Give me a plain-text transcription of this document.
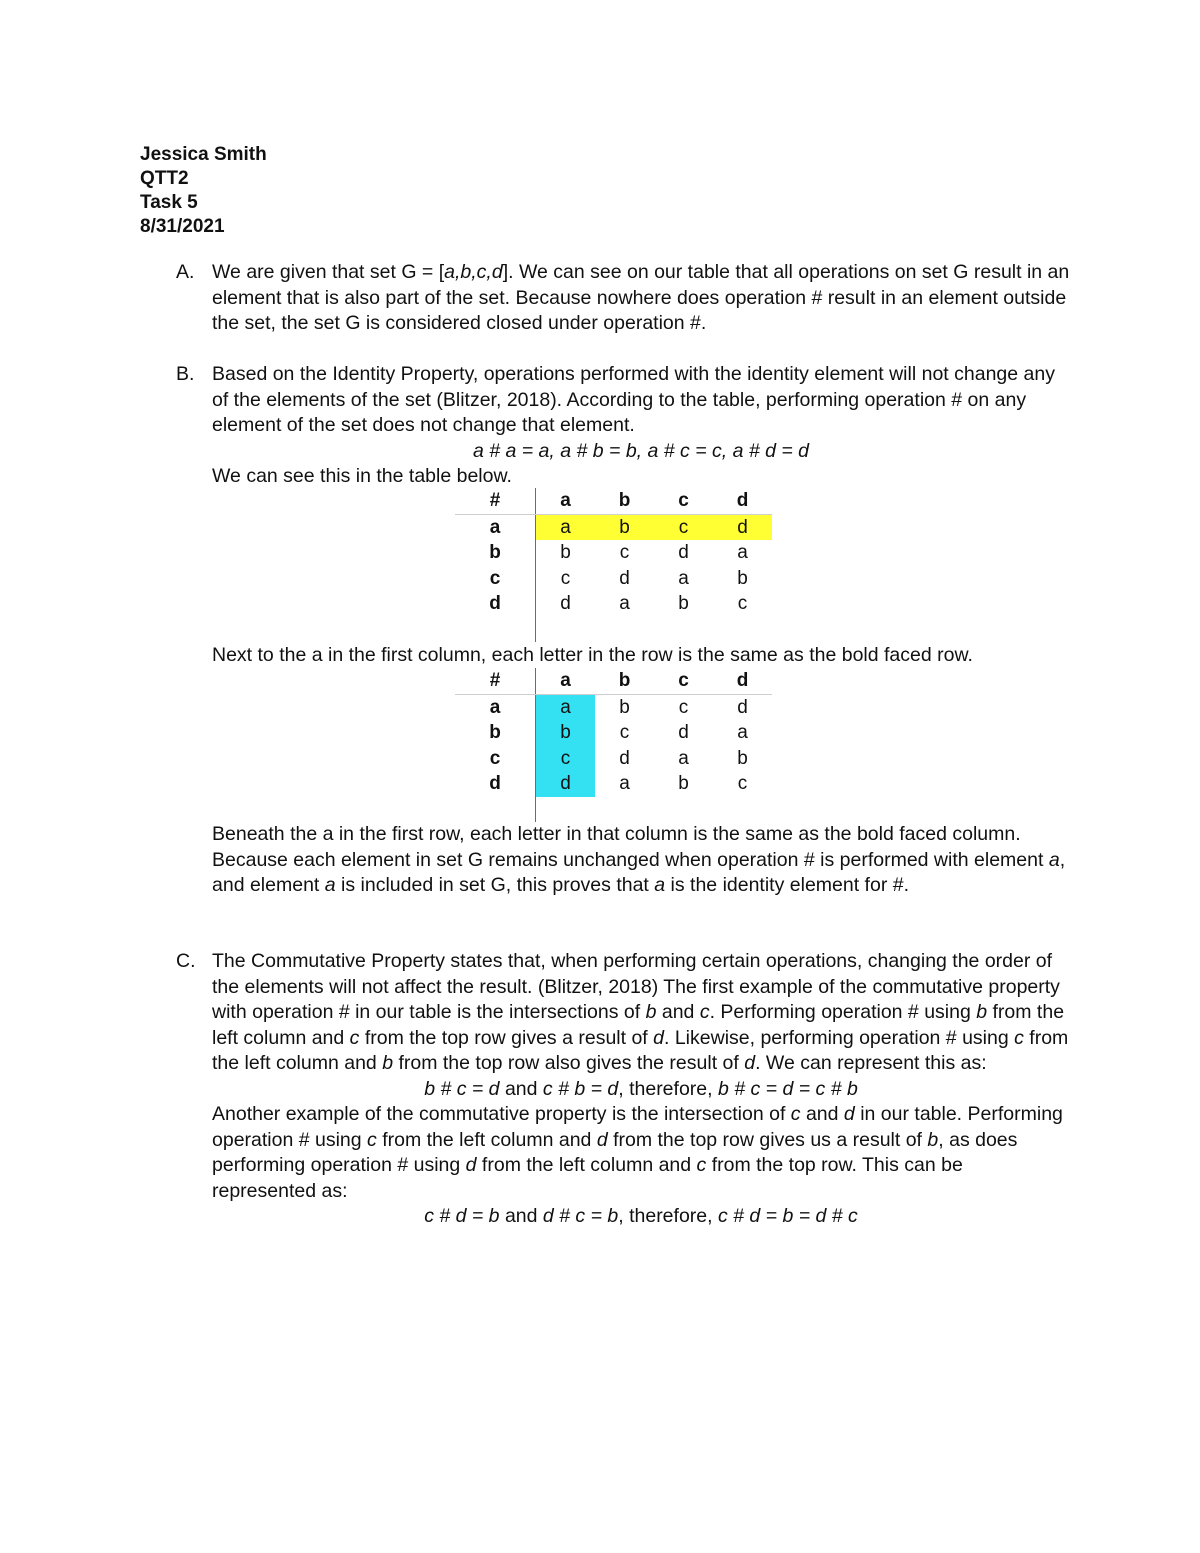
Jessica Smith
QTT2
Task 5
8/31/2021
A. We are given that set G = [a,b,c,d]. We can see on our table that all operations on set G result in an element that is also part of the set. Because nowhere does operation # result in an element outside the set, the set G is considered closed under operation #.
B. Based on the Identity Property, operations performed with the identity element will not change any of the elements of the set (Blitzer, 2018). According to the table, performing operation # on any element of the set does not change that element.
a # a = a, a # b = b, a # c = c, a # d = d
We can see this in the table below.
#	a	b	c	d
a	a	b	c	d
b	b	c	d	a
c	c	d	a	b
d	d	a	b	c

Next to the a in the first column, each letter in the row is the same as the bold faced row.
#	a	b	c	d
a	a	b	c	d
b	b	c	d	a
c	c	d	a	b
d	d	a	b	c

Beneath the a in the first row, each letter in that column is the same as the bold faced column.
Because each element in set G remains unchanged when operation # is performed with element a, and element a is included in set G, this proves that a is the identity element for #.
C. The Commutative Property states that, when performing certain operations, changing the order of the elements will not affect the result. (Blitzer, 2018) The first example of the commutative property with operation # in our table is the intersections of b and c. Performing operation # using b from the left column and c from the top row gives a result of d. Likewise, performing operation # using c from the left column and b from the top row also gives the result of d. We can represent this as:
b # c = d and c # b = d, therefore, b # c = d = c # b
Another example of the commutative property is the intersection of c and d in our table. Performing operation # using c from the left column and d from the top row gives us a result of b, as does performing operation # using d from the left column and c from the top row. This can be represented as:
c # d = b and d # c = b, therefore, c # d = b = d # c
